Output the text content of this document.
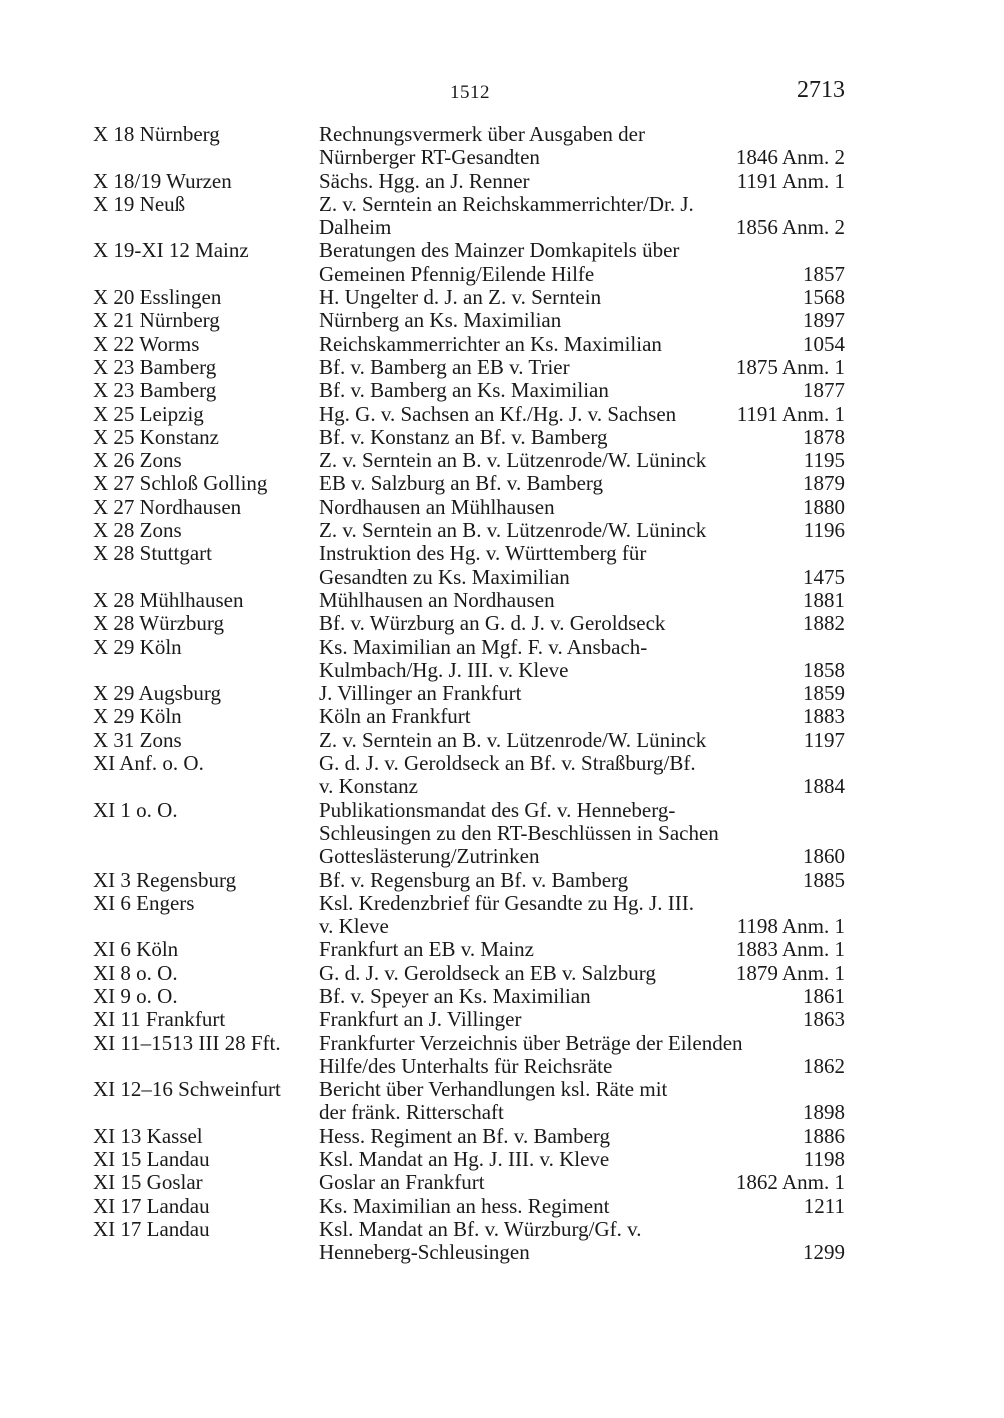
1512	2713
X 18 Nürnberg	Rechnungsvermerk über Ausgaben der
Nürnberger RT-Gesandten	1846 Anm. 2
X 18/19 Wurzen	Sächs. Hgg. an J. Renner	1191 Anm. 1
X 19 Neuß	Z. v. Serntein an Reichskammerrichter/Dr. J.
Dalheim	1856 Anm. 2
X 19-XI 12 Mainz	Beratungen des Mainzer Domkapitels über
Gemeinen Pfennig/Eilende Hilfe	1857
X 20 Esslingen	H. Ungelter d. J. an Z. v. Serntein	1568
X 21 Nürnberg	Nürnberg an Ks. Maximilian	1897
X 22 Worms	Reichskammerrichter an Ks. Maximilian	1054
X 23 Bamberg	Bf. v. Bamberg an EB v. Trier	1875 Anm. 1
X 23 Bamberg	Bf. v. Bamberg an Ks. Maximilian	1877
X 25 Leipzig	Hg. G. v. Sachsen an Kf./Hg. J. v. Sachsen	1191 Anm. 1
X 25 Konstanz	Bf. v. Konstanz an Bf. v. Bamberg	1878
X 26 Zons	Z. v. Serntein an B. v. Lützenrode/W. Lüninck	1195
X 27 Schloß Golling	EB v. Salzburg an Bf. v. Bamberg	1879
X 27 Nordhausen	Nordhausen an Mühlhausen	1880
X 28 Zons	Z. v. Serntein an B. v. Lützenrode/W. Lüninck	1196
X 28 Stuttgart	Instruktion des Hg. v. Württemberg für
Gesandten zu Ks. Maximilian	1475
X 28 Mühlhausen	Mühlhausen an Nordhausen	1881
X 28 Würzburg	Bf. v. Würzburg an G. d. J. v. Geroldseck	1882
X 29 Köln	Ks. Maximilian an Mgf. F. v. Ansbach-
Kulmbach/Hg. J. III. v. Kleve	1858
X 29 Augsburg	J. Villinger an Frankfurt	1859
X 29 Köln	Köln an Frankfurt	1883
X 31 Zons	Z. v. Serntein an B. v. Lützenrode/W. Lüninck	1197
XI Anf. o. O.	G. d. J. v. Geroldseck an Bf. v. Straßburg/Bf.
v. Konstanz	1884
XI 1 o. O.	Publikationsmandat des Gf. v. Henneberg-
Schleusingen zu den RT-Beschlüssen in Sachen
Gotteslästerung/Zutrinken	1860
XI 3 Regensburg	Bf. v. Regensburg an Bf. v. Bamberg	1885
XI 6 Engers	Ksl. Kredenzbrief für Gesandte zu Hg. J. III.
v. Kleve	1198 Anm. 1
XI 6 Köln	Frankfurt an EB v. Mainz	1883 Anm. 1
XI 8 o. O.	G. d. J. v. Geroldseck an EB v. Salzburg	1879 Anm. 1
XI 9 o. O.	Bf. v. Speyer an Ks. Maximilian	1861
XI 11 Frankfurt	Frankfurt an J. Villinger	1863
XI 11–1513 III 28 Fft.	Frankfurter Verzeichnis über Beträge der Eilenden
Hilfe/des Unterhalts für Reichsräte	1862
XI 12–16 Schweinfurt	Bericht über Verhandlungen ksl. Räte mit
der fränk. Ritterschaft	1898
XI 13 Kassel	Hess. Regiment an Bf. v. Bamberg	1886
XI 15 Landau	Ksl. Mandat an Hg. J. III. v. Kleve	1198
XI 15 Goslar	Goslar an Frankfurt	1862 Anm. 1
XI 17 Landau	Ks. Maximilian an hess. Regiment	1211
XI 17 Landau	Ksl. Mandat an Bf. v. Würzburg/Gf. v.
Henneberg-Schleusingen	1299
